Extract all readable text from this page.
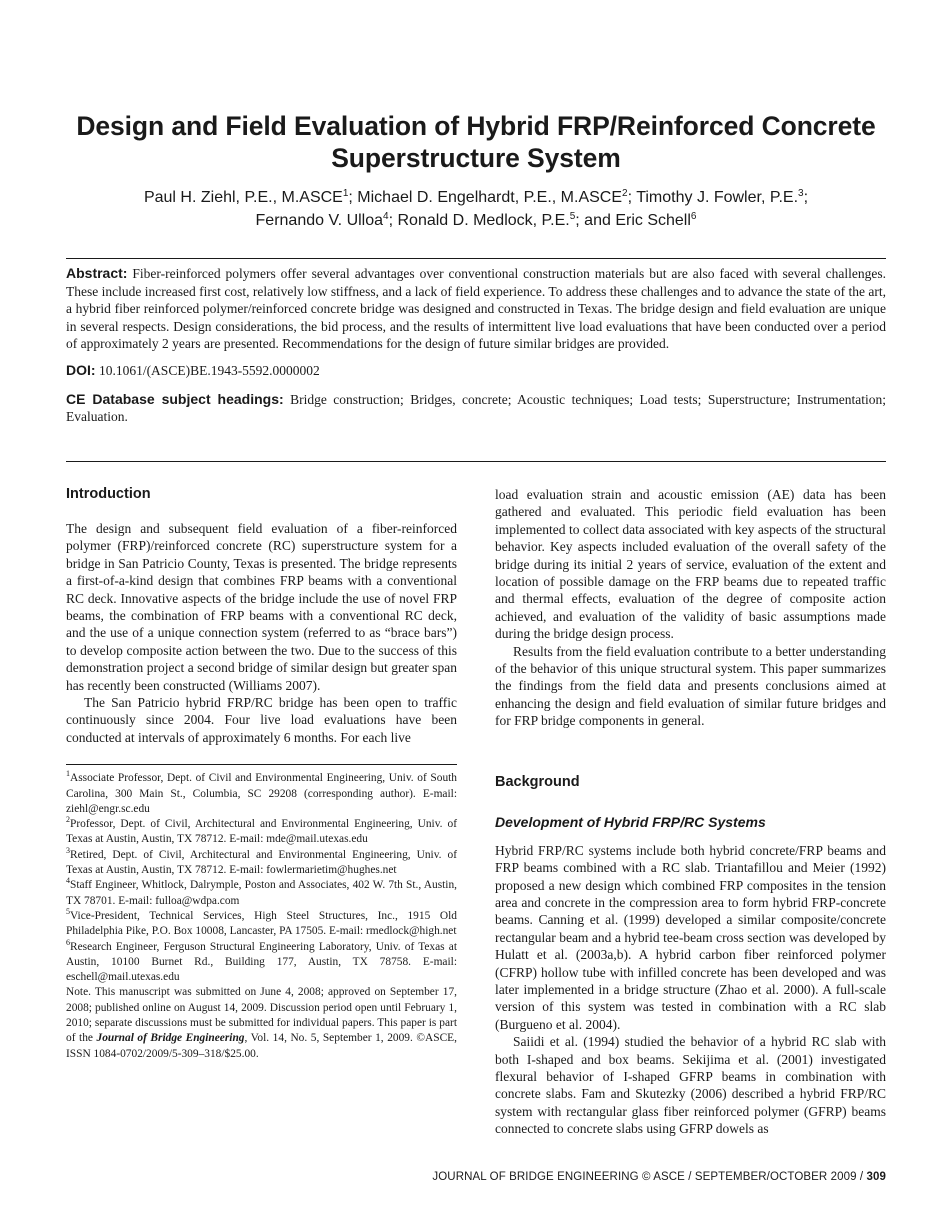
Design and Field Evaluation of Hybrid FRP/Reinforced Concrete Superstructure System
Paul H. Ziehl, P.E., M.ASCE$^1$; Michael D. Engelhardt, P.E., M.ASCE$^2$; Timothy J. Fowler, P.E.$^3$;
Fernando V. Ulloa$^4$; Ronald D. Medlock, P.E.$^5$; and Eric Schell$^6$

Abstract: Fiber-reinforced polymers offer several advantages over conventional construction materials but are also faced with several challenges. These include increased first cost, relatively low stiffness, and a lack of field experience. To address these challenges and to advance the state of the art, a hybrid fiber reinforced polymer/reinforced concrete bridge was designed and constructed in Texas. The bridge design and field evaluation are unique in several respects. Design considerations, the bid process, and the results of intermittent live load evaluations that have been conducted over a period of approximately 2 years are presented. Recommendations for the design of future similar bridges are provided.

DOI: 10.1061/(ASCE)BE.1943-5592.0000002

CE Database subject headings: Bridge construction; Bridges, concrete; Acoustic techniques; Load tests; Superstructure; Instrumentation; Evaluation.

Introduction

The design and subsequent field evaluation of a fiber-reinforced polymer (FRP)/reinforced concrete (RC) superstructure system for a bridge in San Patricio County, Texas is presented. The bridge represents a first-of-a-kind design that combines FRP beams with a conventional RC deck. Innovative aspects of the bridge include the use of novel FRP beams, the combination of FRP beams with a conventional RC deck, and the use of a unique connection system (referred to as “brace bars”) to develop composite action between the two. Due to the success of this demonstration project a second bridge of similar design but greater span has recently been constructed (Williams 2007).

The San Patricio hybrid FRP/RC bridge has been open to traffic continuously since 2004. Four live load evaluations have been conducted at intervals of approximately 6 months. For each live

$^1$Associate Professor, Dept. of Civil and Environmental Engineering, Univ. of South Carolina, 300 Main St., Columbia, SC 29208 (corresponding author). E-mail: ziehl@engr.sc.edu

$^2$Professor, Dept. of Civil, Architectural and Environmental Engineering, Univ. of Texas at Austin, Austin, TX 78712. E-mail: mde@mail.utexas.edu

$^3$Retired, Dept. of Civil, Architectural and Environmental Engineering, Univ. of Texas at Austin, Austin, TX 78712. E-mail: fowlermarietim@hughes.net

$^4$Staff Engineer, Whitlock, Dalrymple, Poston and Associates, 402 W. 7th St., Austin, TX 78701. E-mail: fulloa@wdpa.com

$^5$Vice-President, Technical Services, High Steel Structures, Inc., 1915 Old Philadelphia Pike, P.O. Box 10008, Lancaster, PA 17505. E-mail: rmedlock@high.net

$^6$Research Engineer, Ferguson Structural Engineering Laboratory, Univ. of Texas at Austin, 10100 Burnet Rd., Building 177, Austin, TX 78758. E-mail: eschell@mail.utexas.edu

Note. This manuscript was submitted on June 4, 2008; approved on September 17, 2008; published online on August 14, 2009. Discussion period open until February 1, 2010; separate discussions must be submitted for individual papers. This paper is part of the Journal of Bridge Engineering, Vol. 14, No. 5, September 1, 2009. ©ASCE, ISSN 1084-0702/2009/5-309–318/$25.00.

load evaluation strain and acoustic emission (AE) data has been gathered and evaluated. This periodic field evaluation has been implemented to collect data associated with key aspects of the structural behavior. Key aspects included evaluation of the overall safety of the bridge during its initial 2 years of service, evaluation of the extent and location of possible damage on the FRP beams due to repeated traffic and thermal effects, evaluation of the degree of composite action achieved, and evaluation of the validity of basic assumptions made during the bridge design process.

Results from the field evaluation contribute to a better understanding of the behavior of this unique structural system. This paper summarizes the findings from the field data and presents conclusions aimed at enhancing the design and field evaluation of similar future bridges and for FRP bridge components in general.

Background
Development of Hybrid FRP/RC Systems

Hybrid FRP/RC systems include both hybrid concrete/FRP beams and FRP beams combined with a RC slab. Triantafillou and Meier (1992) proposed a new design which combined FRP composites in the tension area and concrete in the compression area to form hybrid FRP-concrete beams. Canning et al. (1999) developed a similar composite/concrete rectangular beam and a hybrid tee-beam cross section was developed by Hulatt et al. (2003a,b). A hybrid carbon fiber reinforced polymer (CFRP) hollow tube with infilled concrete has been developed and was later implemented in a bridge structure (Zhao et al. 2000). A full-scale version of this system was tested in combination with a RC slab (Burgueno et al. 2004).

Saiidi et al. (1994) studied the behavior of a hybrid RC slab with both I-shaped and box beams. Sekijima et al. (2001) investigated flexural behavior of I-shaped GFRP beams in combination with concrete slabs. Fam and Skutezky (2006) described a hybrid FRP/RC system with rectangular glass fiber reinforced polymer (GFRP) beams connected to concrete slabs using GFRP dowels as

JOURNAL OF BRIDGE ENGINEERING © ASCE / SEPTEMBER/OCTOBER 2009 / 309
